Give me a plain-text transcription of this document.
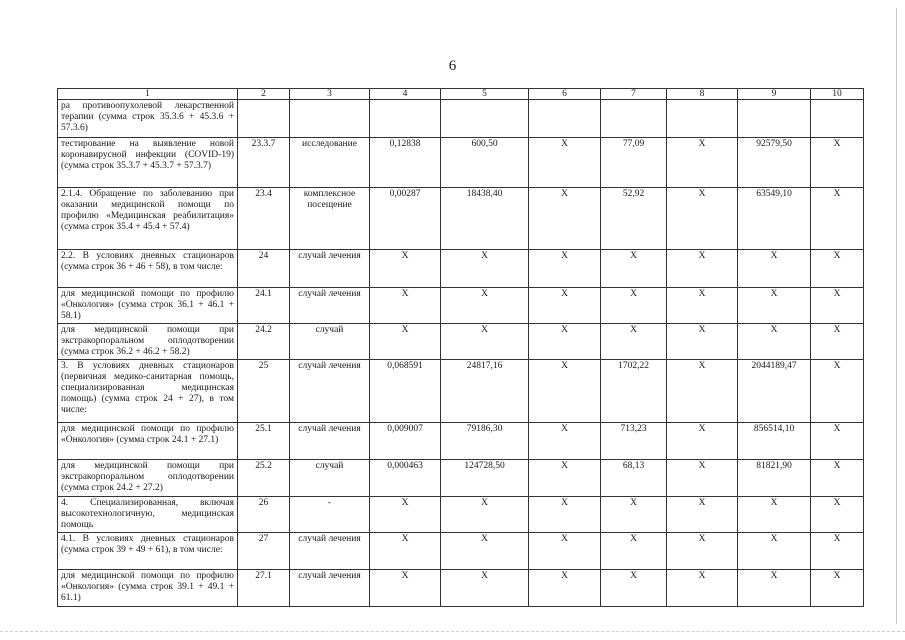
6
1	2	3	4	5	6	7	8	9	10
ра противоопухолевой лекарственной терапии (сумма строк 35.3.6 + 45.3.6 + 57.3.6)									
тестирование на выявление новой коронавирусной инфекции (COVID-19) (сумма строк 35.3.7 + 45.3.7 + 57.3.7)	23.3.7	исследование	0,12838	600,50	X	77,09	X	92579,50	X
2.1.4. Обращение по заболеванию при оказании медицинской помощи по профилю «Медицинская реабилитация» (сумма строк 35.4 + 45.4 + 57.4)	23.4	комплексное посещение	0,00287	18438,40	X	52,92	X	63549,10	X
2.2. В условиях дневных стационаров (сумма строк 36 + 46 + 58), в том числе:	24	случай лечения	X	X	X	X	X	X	X
для медицинской помощи по профилю «Онкология» (сумма строк 36.1 + 46.1 + 58.1)	24.1	случай лечения	X	X	X	X	X	X	X
для медицинской помощи при экстракорпоральном оплодотворении (сумма строк 36.2 + 46.2 + 58.2)	24.2	случай	X	X	X	X	X	X	X
3. В условиях дневных стационаров (первичная медико-санитарная помощь, специализированная медицинская помощь) (сумма строк 24 + 27), в том числе:	25	случай лечения	0,068591	24817,16	X	1702,22	X	2044189,47	X
для медицинской помощи по профилю «Онкология» (сумма строк 24.1 + 27.1)	25.1	случай лечения	0,009007	79186,30	X	713,23	X	856514,10	X
для медицинской помощи при экстракорпоральном оплодотворении (сумма строк 24.2 + 27.2)	25.2	случай	0,000463	124728,50	X	68,13	X	81821,90	X
4. Специализированная, включая высокотехнологичную, медицинская помощь	26	-	X	X	X	X	X	X	X
4.1. В условиях дневных стационаров (сумма строк 39 + 49 + 61), в том числе:	27	случай лечения	X	X	X	X	X	X	X
для медицинской помощи по профилю «Онкология» (сумма строк 39.1 + 49.1 + 61.1)	27.1	случай лечения	X	X	X	X	X	X	X
